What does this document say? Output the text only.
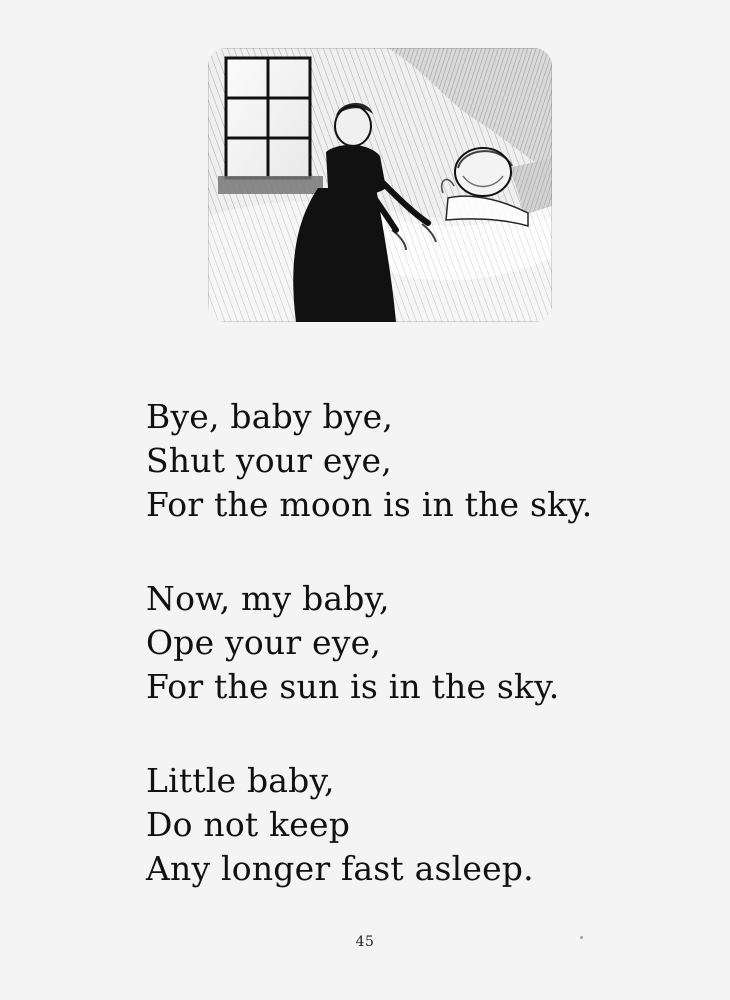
Bye, baby bye,
Shut your eye,
For the moon is in the sky.
Now, my baby,
Ope your eye,
For the sun is in the sky.
Little baby,
Do not keep
Any longer fast asleep.
45
